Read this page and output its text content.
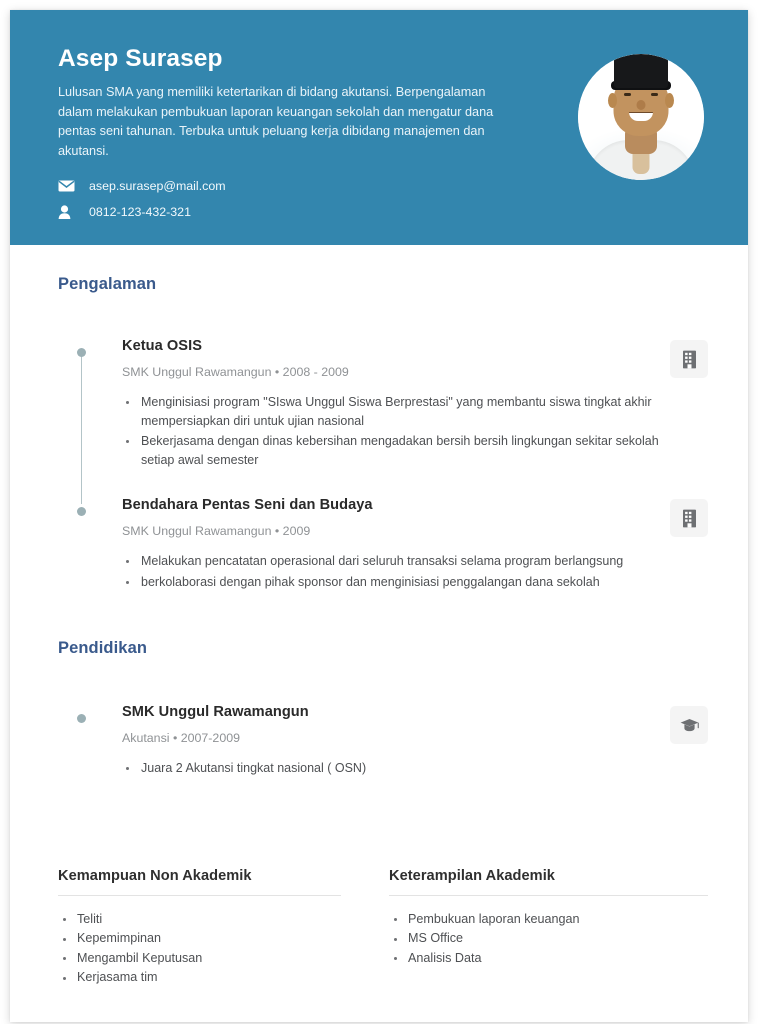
Asep Surasep
Lulusan SMA yang memiliki ketertarikan di bidang akutansi. Berpengalaman dalam melakukan pembukuan laporan keuangan sekolah dan mengatur dana pentas seni tahunan. Terbuka untuk peluang kerja dibidang manajemen dan akutansi.
asep.surasep@mail.com
0812-123-432-321
Pengalaman
Ketua OSIS
SMK Unggul Rawamangun • 2008 - 2009
Menginisiasi program "SIswa Unggul Siswa Berprestasi" yang membantu siswa tingkat akhir mempersiapkan diri untuk ujian nasional
Bekerjasama dengan dinas kebersihan mengadakan bersih bersih lingkungan sekitar sekolah setiap awal semester
Bendahara Pentas Seni dan Budaya
SMK Unggul Rawamangun • 2009
Melakukan pencatatan operasional dari seluruh transaksi selama program berlangsung
berkolaborasi dengan pihak sponsor dan menginisiasi penggalangan dana sekolah
Pendidikan
SMK Unggul Rawamangun
Akutansi • 2007-2009
Juara 2 Akutansi tingkat nasional ( OSN)
Kemampuan Non Akademik
Teliti
Kepemimpinan
Mengambil Keputusan
Kerjasama tim
Keterampilan Akademik
Pembukuan laporan keuangan
MS Office
Analisis Data
